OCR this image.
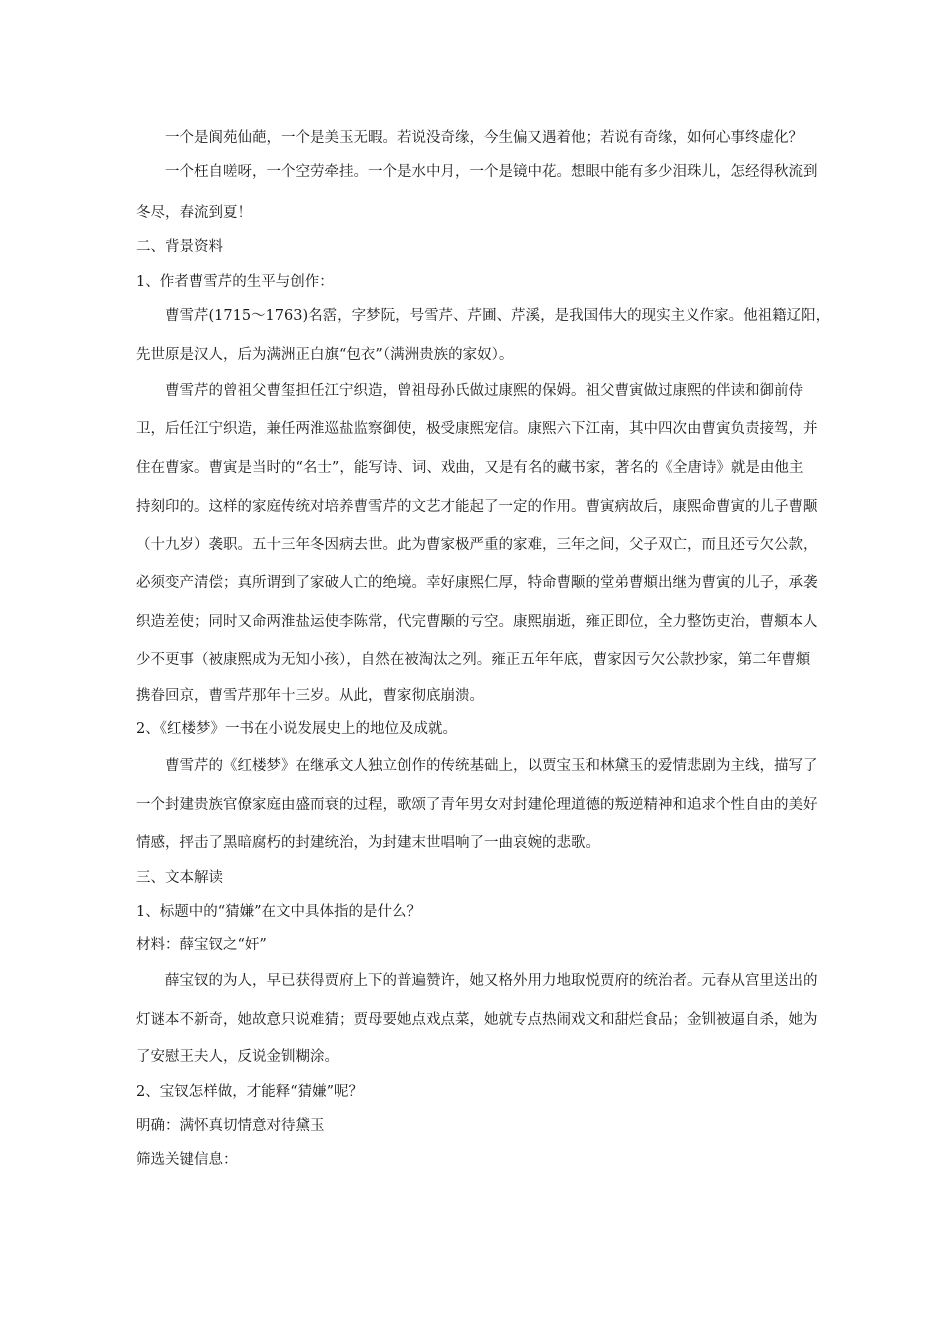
一个是阆苑仙葩，一个是美玉无暇。若说没奇缘，今生偏又遇着他；若说有奇缘，如何心事终虚化？
一个枉自嗟呀，一个空劳牵挂。一个是水中月，一个是镜中花。想眼中能有多少泪珠儿，怎经得秋流到
冬尽，春流到夏！
二、背景资料
1、作者曹雪芹的生平与创作：
曹雪芹(1715～1763)名霑，字梦阮，号雪芹、芹圃、芹溪，是我国伟大的现实主义作家。他祖籍辽阳，
先世原是汉人，后为满洲正白旗“包衣”（满洲贵族的家奴）。
曹雪芹的曾祖父曹玺担任江宁织造，曾祖母孙氏做过康熙的保姆。祖父曹寅做过康熙的伴读和御前侍
卫，后任江宁织造，兼任两淮巡盐监察御使，极受康熙宠信。康熙六下江南，其中四次由曹寅负责接驾，并
住在曹家。曹寅是当时的“名士”，能写诗、词、戏曲，又是有名的藏书家，著名的《全唐诗》就是由他主
持刻印的。这样的家庭传统对培养曹雪芹的文艺才能起了一定的作用。曹寅病故后，康熙命曹寅的儿子曹颙
（十九岁）袭职。五十三年冬因病去世。此为曹家极严重的家难，三年之间，父子双亡，而且还亏欠公款，
必须变产清偿；真所谓到了家破人亡的绝境。幸好康熙仁厚，特命曹颙的堂弟曹頫出继为曹寅的儿子，承袭
织造差使；同时又命两淮盐运使李陈常，代完曹颙的亏空。康熙崩逝，雍正即位，全力整饬吏治，曹頫本人
少不更事（被康熙成为无知小孩），自然在被淘汰之列。雍正五年年底，曹家因亏欠公款抄家，第二年曹頫
携眷回京，曹雪芹那年十三岁。从此，曹家彻底崩溃。
2、《红楼梦》一书在小说发展史上的地位及成就。
曹雪芹的《红楼梦》在继承文人独立创作的传统基础上，以贾宝玉和林黛玉的爱情悲剧为主线，描写了
一个封建贵族官僚家庭由盛而衰的过程，歌颂了青年男女对封建伦理道德的叛逆精神和追求个性自由的美好
情感，抨击了黑暗腐朽的封建统治，为封建末世唱响了一曲哀婉的悲歌。
三、文本解读
1、标题中的“猜嫌”在文中具体指的是什么？
材料：薛宝钗之“奸”
薛宝钗的为人，早已获得贾府上下的普遍赞许，她又格外用力地取悦贾府的统治者。元春从宫里送出的
灯谜本不新奇，她故意只说难猜；贾母要她点戏点菜，她就专点热闹戏文和甜烂食品；金钏被逼自杀，她为
了安慰王夫人，反说金钏糊涂。
2、宝钗怎样做，才能释“猜嫌”呢？
明确：满怀真切情意对待黛玉
筛选关键信息：
